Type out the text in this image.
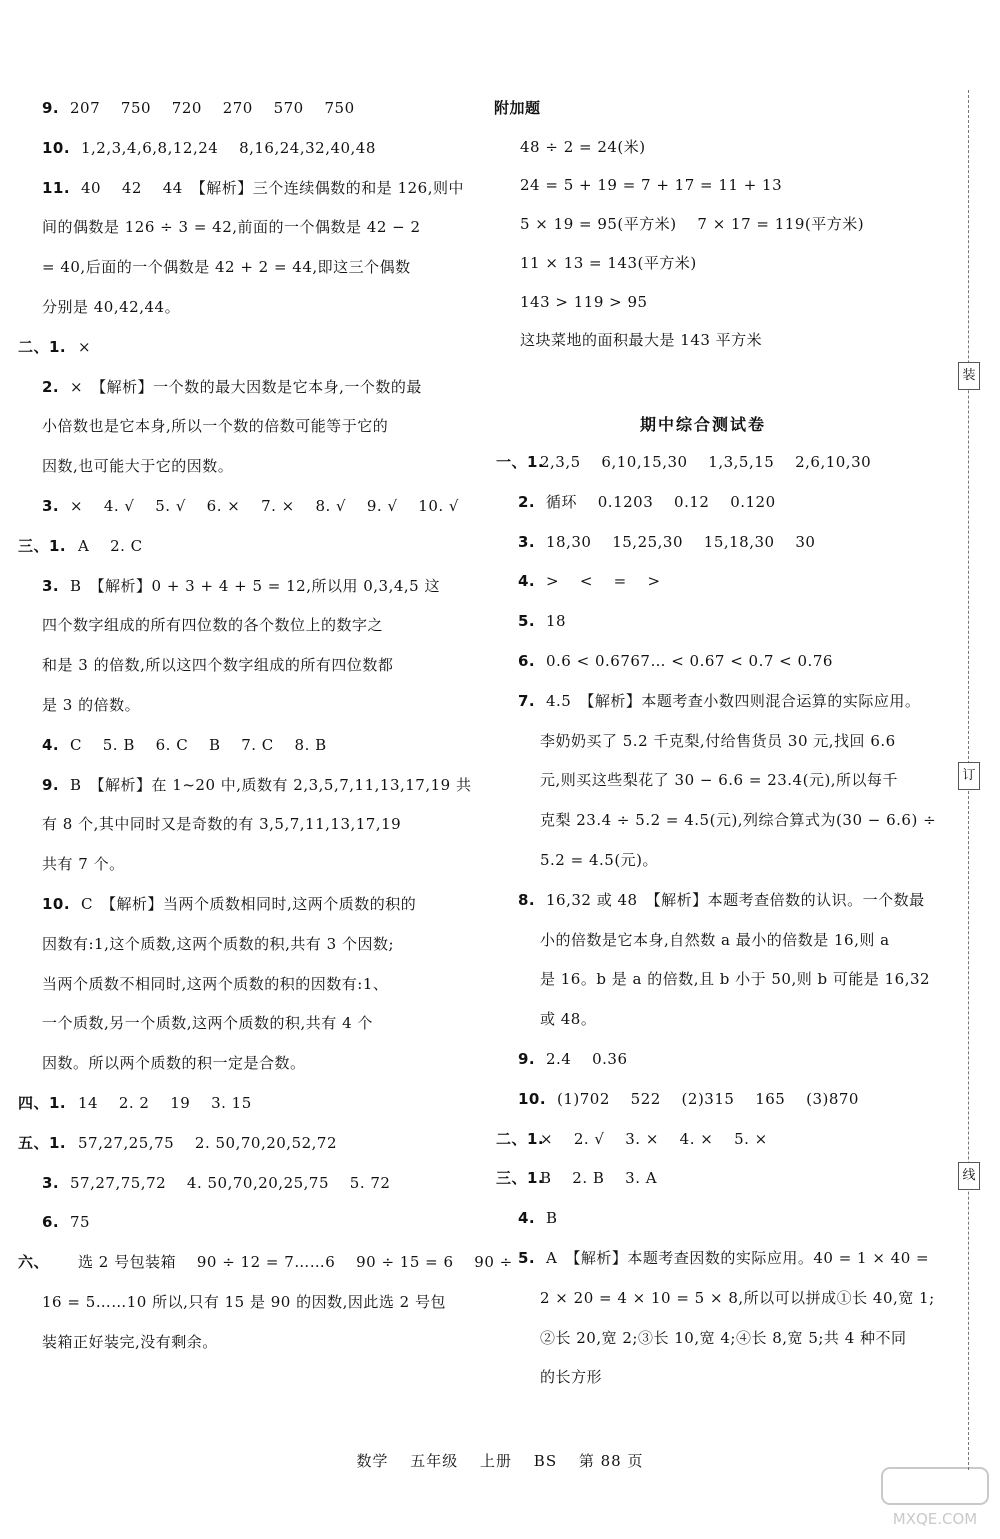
装
订
线
9. 207　 750　 720　 270　 570　 750
10. 1,2,3,4,6,8,12,24　 8,16,24,32,40,48
11. 40　 42　 44　【解析】三个连续偶数的和是 126,则中
间的偶数是 126 ÷ 3 = 42,前面的一个偶数是 42 − 2
= 40,后面的一个偶数是 42 + 2 = 44,即这三个偶数
分别是 40,42,44。
二、1. ×
2. ×　【解析】一个数的最大因数是它本身,一个数的最
小倍数也是它本身,所以一个数的倍数可能等于它的
因数,也可能大于它的因数。
3. ×　 4. √　 5. √　 6. ×　 7. ×　 8. √　 9. √　 10. √
三、1. A　 2. C
3. B　【解析】0 + 3 + 4 + 5 = 12,所以用 0,3,4,5 这
四个数字组成的所有四位数的各个数位上的数字之
和是 3 的倍数,所以这四个数字组成的所有四位数都
是 3 的倍数。
4. C　 5. B　 6. C　 B　 7. C　 8. B
9. B　【解析】在 1~20 中,质数有 2,3,5,7,11,13,17,19 共
有 8 个,其中同时又是奇数的有 3,5,7,11,13,17,19
共有 7 个。
10. C　【解析】当两个质数相同时,这两个质数的积的
因数有:1,这个质数,这两个质数的积,共有 3 个因数;
当两个质数不相同时,这两个质数的积的因数有:1、
一个质数,另一个质数,这两个质数的积,共有 4 个
因数。所以两个质数的积一定是合数。
四、1. 14　 2. 2　 19　 3. 15
五、1. 57,27,25,75　 2. 50,70,20,52,72
3. 57,27,75,72　 4. 50,70,20,25,75　 5. 72
6. 75
六、 选 2 号包装箱　 90 ÷ 12 = 7……6　 90 ÷ 15 = 6　 90 ÷
16 = 5……10 所以,只有 15 是 90 的因数,因此选 2 号包
装箱正好装完,没有剩余。
附加题
48 ÷ 2 = 24(米)
24 = 5 + 19 = 7 + 17 = 11 + 13
5 × 19 = 95(平方米)　 7 × 17 = 119(平方米)
11 × 13 = 143(平方米)
143 > 119 > 95
这块菜地的面积最大是 143 平方米
期中综合测试卷
一、1.
2,3,5　 6,10,15,30　 1,3,5,15　 2,6,10,30
2. 循环　 0.1203　 0.12　 0.120
3. 18,30　 15,25,30　 15,18,30　 30
4. >　 <　 =　 >
5. 18
6. 0.6 < 0.6767… < 0.67 < 0.7 < 0.76
7. 4.5　【解析】本题考查小数四则混合运算的实际应用。
李奶奶买了 5.2 千克梨,付给售货员 30 元,找回 6.6
元,则买这些梨花了 30 − 6.6 = 23.4(元),所以每千
克梨 23.4 ÷ 5.2 = 4.5(元),列综合算式为(30 − 6.6) ÷
5.2 = 4.5(元)。
8. 16,32 或 48　【解析】本题考查倍数的认识。一个数最
小的倍数是它本身,自然数 a 最小的倍数是 16,则 a
是 16。b 是 a 的倍数,且 b 小于 50,则 b 可能是 16,32
或 48。
9. 2.4　 0.36
10. (1)702　 522　 (2)315　 165　 (3)870
二、1.
×　 2. √　 3. ×　 4. ×　 5. ×
三、1.
B　 2. B　 3. A
4. B
5. A　【解析】本题考查因数的实际应用。40 = 1 × 40 =
2 × 20 = 4 × 10 = 5 × 8,所以可以拼成①长 40,宽 1;
②长 20,宽 2;③长 10,宽 4;④长 8,宽 5;共 4 种不同
的长方形
数学　 五年级　 上册　 BS　 第 88 页
MXQE.COM
